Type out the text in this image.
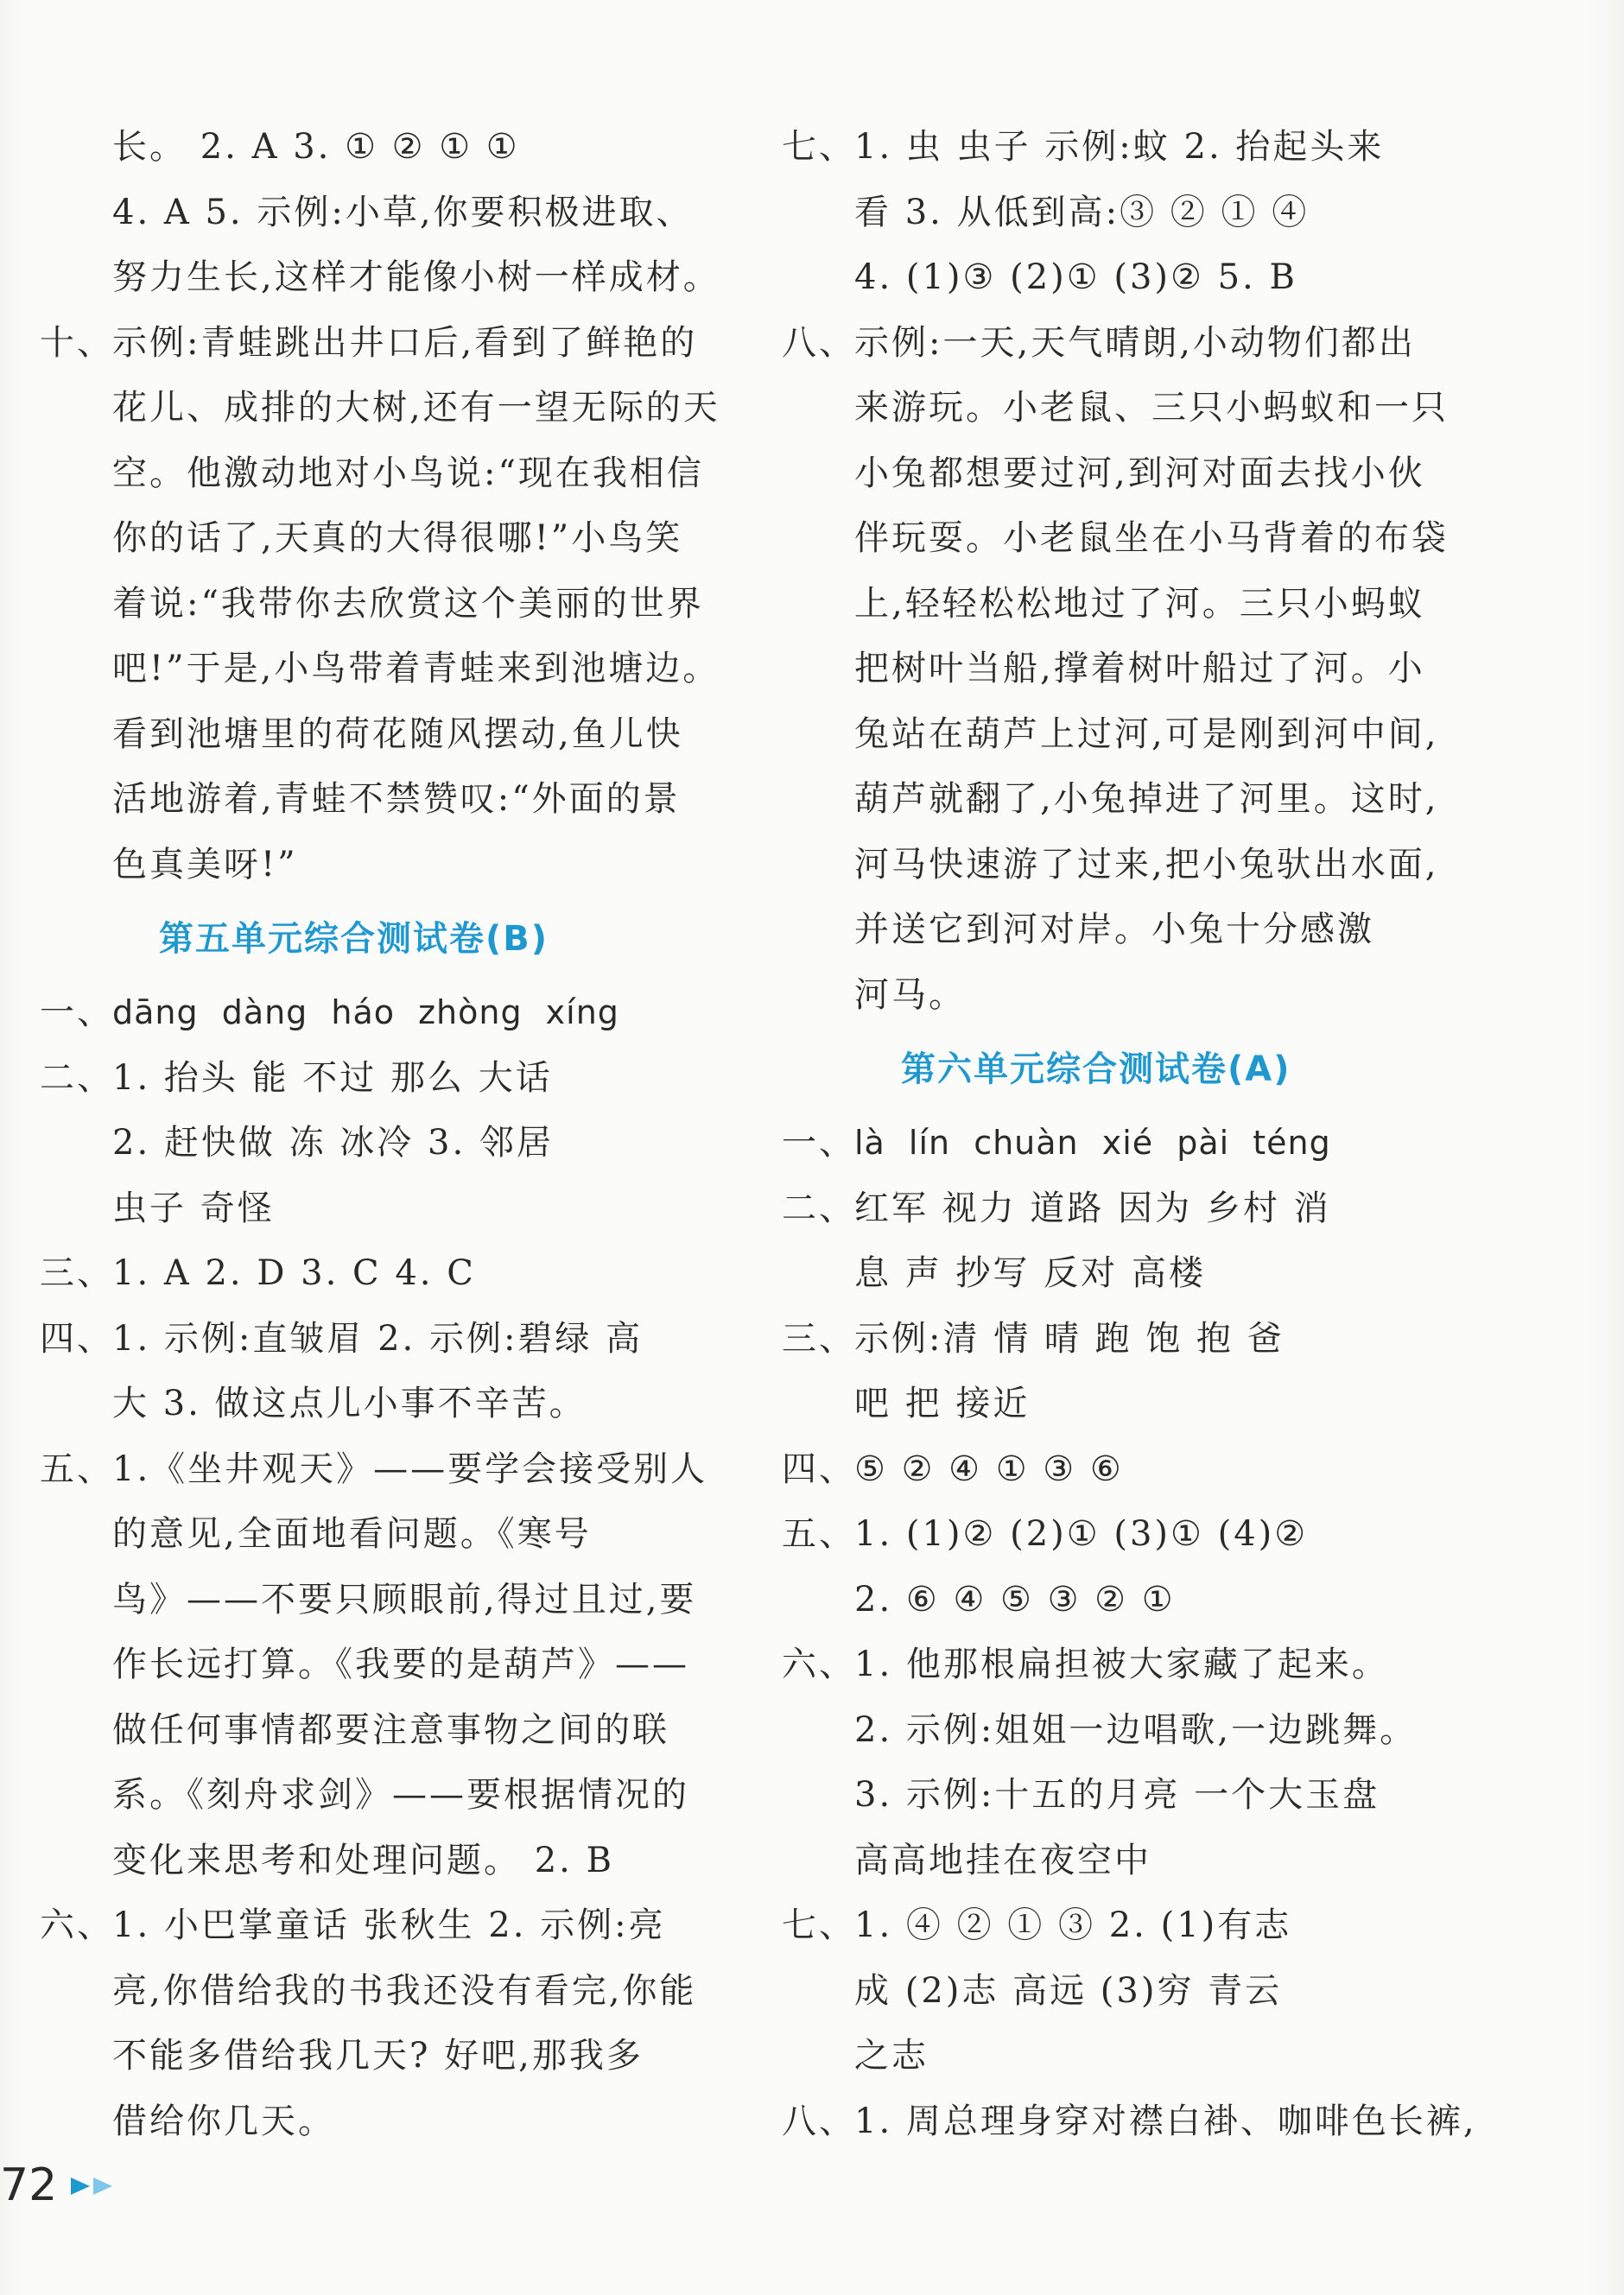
长。 2. A 3. ① ② ① ①
4. A 5. 示例:小草,你要积极进取、
努力生长,这样才能像小树一样成材。
十、
示例:青蛙跳出井口后,看到了鲜艳的
花儿、成排的大树,还有一望无际的天
空。他激动地对小鸟说:“现在我相信
你的话了,天真的大得很哪!”小鸟笑
着说:“我带你去欣赏这个美丽的世界
吧!”于是,小鸟带着青蛙来到池塘边。
看到池塘里的荷花随风摆动,鱼儿快
活地游着,青蛙不禁赞叹:“外面的景
色真美呀!”
第五单元综合测试卷(B)
一、
dāng dàng háo zhòng xíng
二、
1. 抬头 能 不过 那么 大话
2. 赶快做 冻 冰冷 3. 邻居
虫子 奇怪
三、
1. A 2. D 3. C 4. C
四、
1. 示例:直皱眉 2. 示例:碧绿 高
大 3. 做这点儿小事不辛苦。
五、
1.《坐井观天》——要学会接受别人
的意见,全面地看问题。《寒号
鸟》——不要只顾眼前,得过且过,要
作长远打算。《我要的是葫芦》——
做任何事情都要注意事物之间的联
系。《刻舟求剑》——要根据情况的
变化来思考和处理问题。 2. B
六、
1. 小巴掌童话 张秋生 2. 示例:亮
亮,你借给我的书我还没有看完,你能
不能多借给我几天? 好吧,那我多
借给你几天。
七、
1. 虫 虫子 示例:蚊 2. 抬起头来
看 3. 从低到高:③ ② ① ④
4. (1)③ (2)① (3)② 5. B
八、
示例:一天,天气晴朗,小动物们都出
来游玩。小老鼠、三只小蚂蚁和一只
小兔都想要过河,到河对面去找小伙
伴玩耍。小老鼠坐在小马背着的布袋
上,轻轻松松地过了河。三只小蚂蚁
把树叶当船,撑着树叶船过了河。小
兔站在葫芦上过河,可是刚到河中间,
葫芦就翻了,小兔掉进了河里。这时,
河马快速游了过来,把小兔驮出水面,
并送它到河对岸。小兔十分感激
河马。
第六单元综合测试卷(A)
一、
là lín chuàn xié pài téng
二、
红军 视力 道路 因为 乡村 消
息 声 抄写 反对 高楼
三、
示例:清 情 晴 跑 饱 抱 爸
吧 把 接近
四、
⑤ ② ④ ① ③ ⑥
五、
1. (1)② (2)① (3)① (4)②
2. ⑥ ④ ⑤ ③ ② ①
六、
1. 他那根扁担被大家藏了起来。
2. 示例:姐姐一边唱歌,一边跳舞。
3. 示例:十五的月亮 一个大玉盘
高高地挂在夜空中
七、
1. ④ ② ① ③ 2. (1)有志
成 (2)志 高远 (3)穷 青云
之志
八、
1. 周总理身穿对襟白褂、咖啡色长裤,
72
